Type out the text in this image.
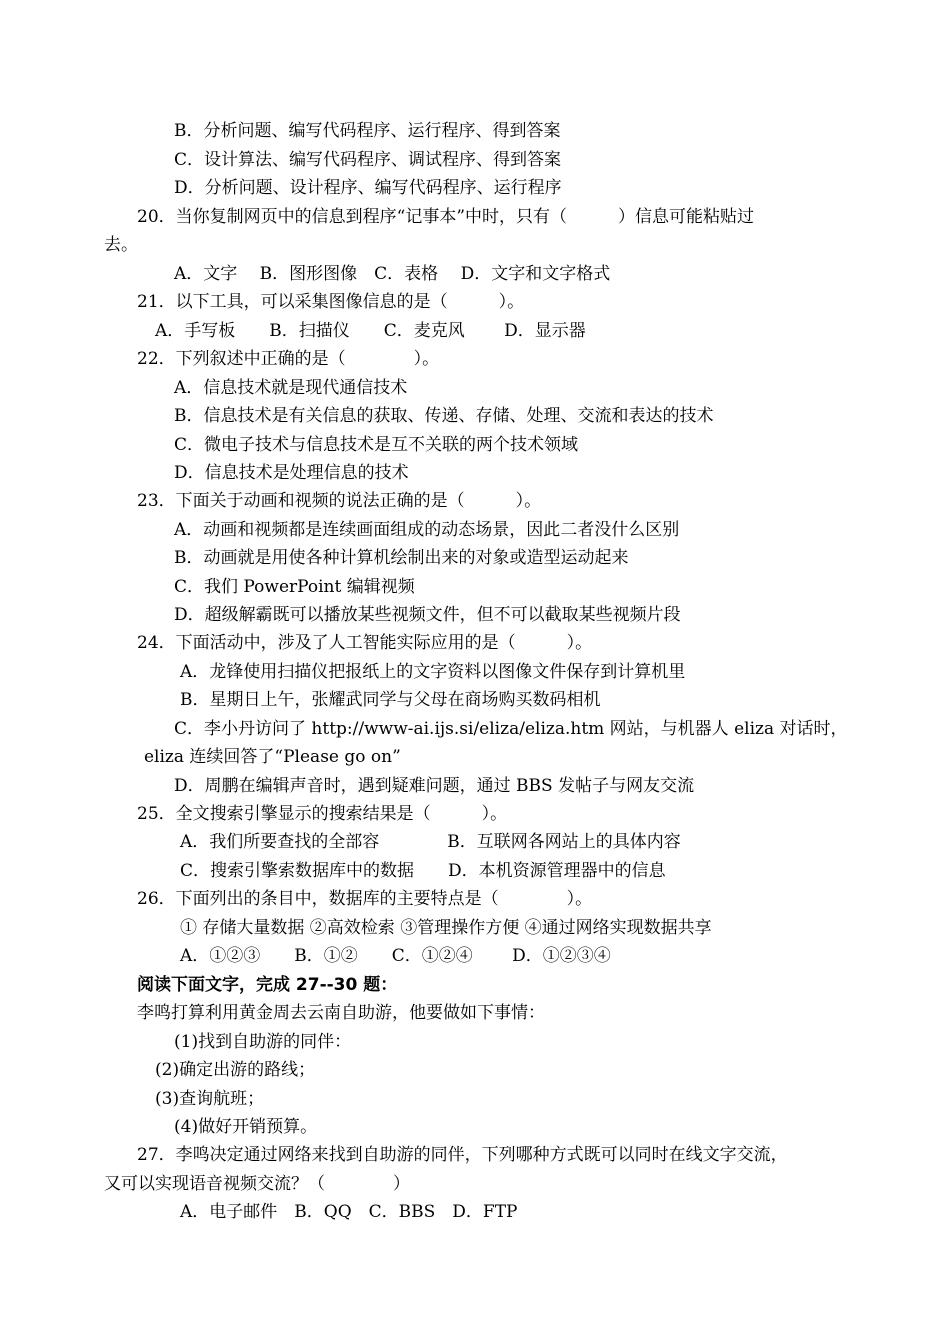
B．分析问题、编写代码程序、运行程序、得到答案
C．设计算法、编写代码程序、调试程序、得到答案
D．分析问题、设计程序、编写代码程序、运行程序
20．当你复制网页中的信息到程序“记事本”中时，只有（　　　）信息可能粘贴过
去。
A．文字　 B．图形图像　C．表格　 D．文字和文字格式
21．以下工具，可以采集图像信息的是（　　　）。
A．手写板　　B．扫描仪　　C．麦克风　　 D．显示器
22．下列叙述中正确的是（　　　　）。
A．信息技术就是现代通信技术
B．信息技术是有关信息的获取、传递、存储、处理、交流和表达的技术
C．微电子技术与信息技术是互不关联的两个技术领域
D．信息技术是处理信息的技术
23．下面关于动画和视频的说法正确的是（　　　）。
A．动画和视频都是连续画面组成的动态场景，因此二者没什么区别
B．动画就是用使各种计算机绘制出来的对象或造型运动起来
C．我们 PowerPoint 编辑视频
D．超级解霸既可以播放某些视频文件，但不可以截取某些视频片段
24．下面活动中，涉及了人工智能实际应用的是（　　　）。
A．龙锋使用扫描仪把报纸上的文字资料以图像文件保存到计算机里
B．星期日上午，张耀武同学与父母在商场购买数码相机
C．李小丹访问了 http://www-ai.ijs.si/eliza/eliza.htm 网站，与机器人 eliza 对话时，
eliza 连续回答了“Please go on”
D．周鹏在编辑声音时，遇到疑难问题，通过 BBS 发帖子与网友交流
25．全文搜索引擎显示的搜索结果是（　　　）。
A．我们所要查找的全部容　　　　B．互联网各网站上的具体内容
C．搜索引擎索数据库中的数据　　D．本机资源管理器中的信息
26．下面列出的条目中，数据库的主要特点是（　　　　）。
① 存储大量数据 ②高效检索 ③管理操作方便 ④通过网络实现数据共享
A．①②③　　B．①②　　C．①②④　　 D．①②③④
阅读下面文字，完成 27--30 题：
李鸣打算利用黄金周去云南自助游，他要做如下事情：
(1)找到自助游的同伴：
(2)确定出游的路线；
(3)查询航班；
(4)做好开销预算。
27．李鸣决定通过网络来找到自助游的同伴，下列哪种方式既可以同时在线文字交流，
又可以实现语音视频交流？（　　　　）
A．电子邮件　B．QQ　C．BBS　D．FTP
